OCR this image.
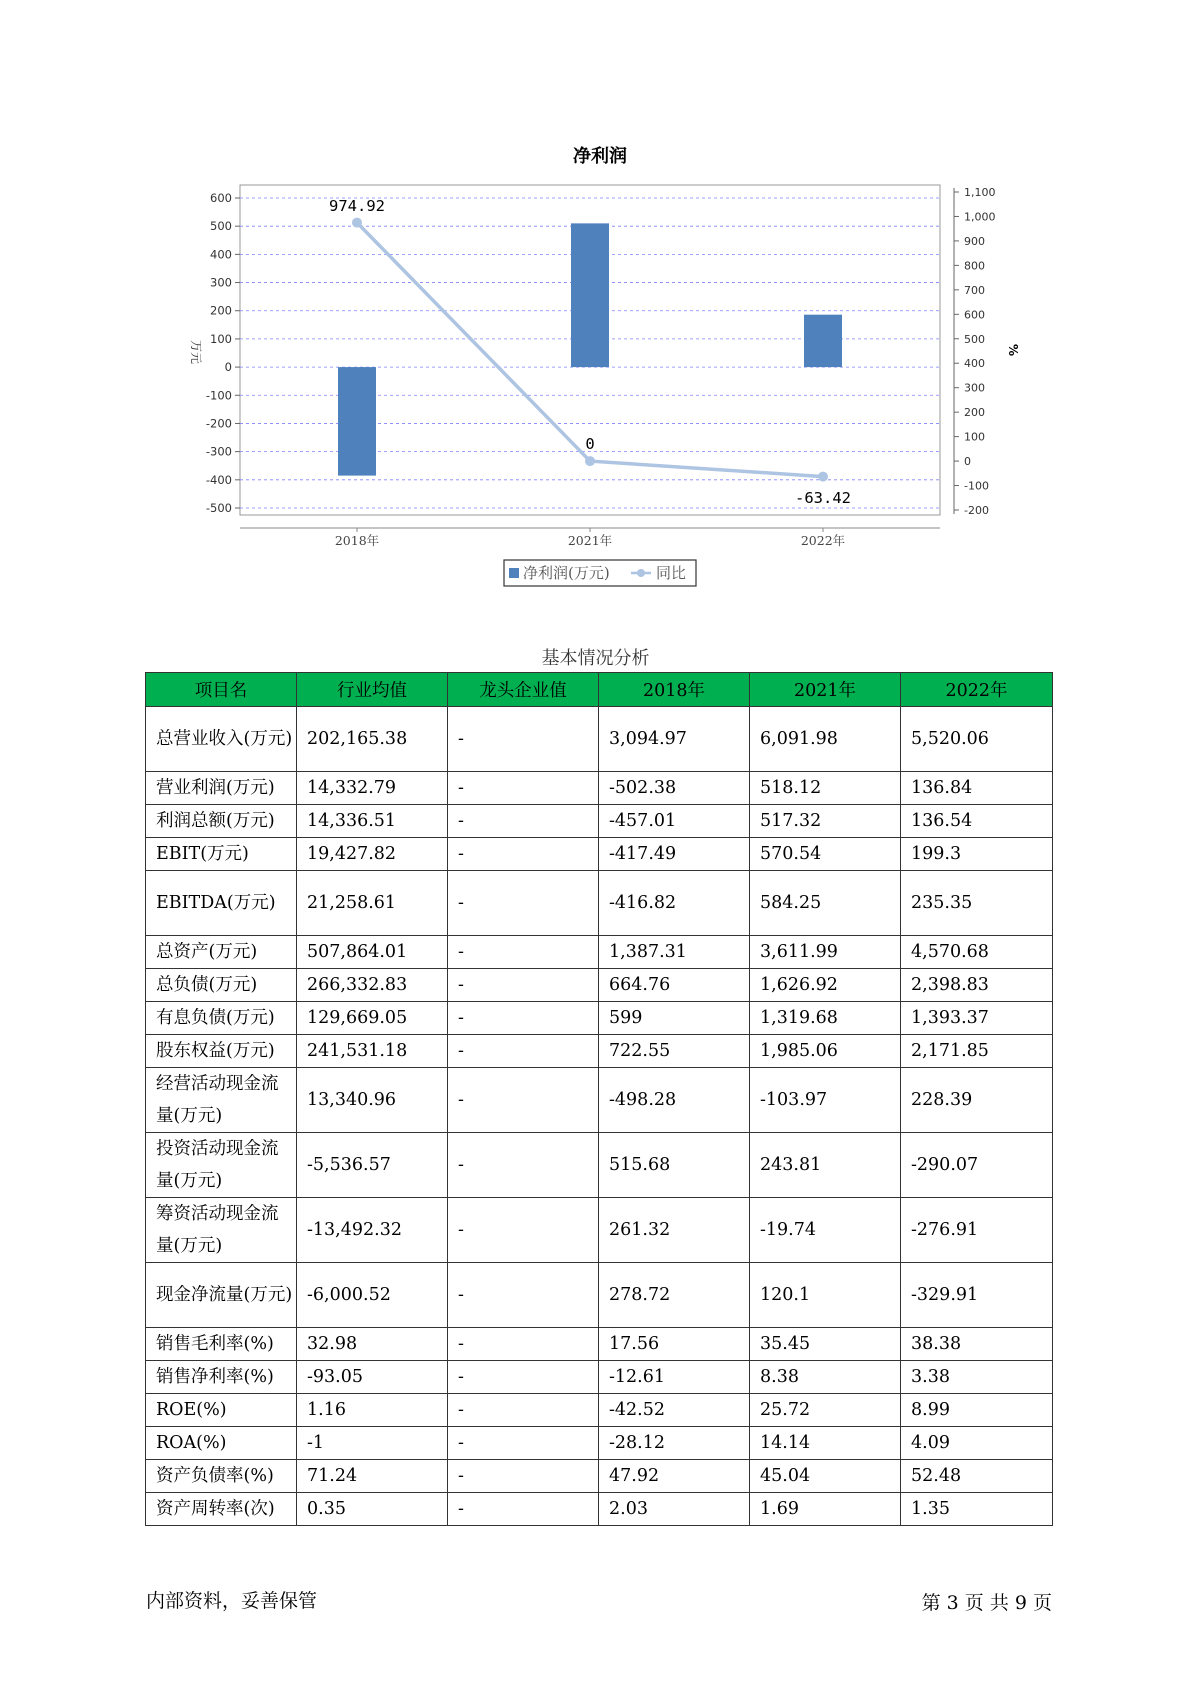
净利润
600
500
400
300
200
100
0
-100
-200
-300
-400
-500
1,100
1,000
900
800
700
600
500
400
300
200
100
0
-100
-200
万元	%
2018年	2021年	2022年
974.92
0
-63.42
净利润(万元)	同比
基本情况分析
项目名	行业均值	龙头企业值	2018年	2021年	2022年
总营业收入(万元)	202,165.38	-	3,094.97	6,091.98	5,520.06
营业利润(万元)	14,332.79	-	-502.38	518.12	136.84
利润总额(万元)	14,336.51	-	-457.01	517.32	136.54
EBIT(万元)	19,427.82	-	-417.49	570.54	199.3
EBITDA(万元)	21,258.61	-	-416.82	584.25	235.35
总资产(万元)	507,864.01	-	1,387.31	3,611.99	4,570.68
总负债(万元)	266,332.83	-	664.76	1,626.92	2,398.83
有息负债(万元)	129,669.05	-	599	1,319.68	1,393.37
股东权益(万元)	241,531.18	-	722.55	1,985.06	2,171.85
经营活动现金流量(万元)	13,340.96	-	-498.28	-103.97	228.39
投资活动现金流量(万元)	-5,536.57	-	515.68	243.81	-290.07
筹资活动现金流量(万元)	-13,492.32	-	261.32	-19.74	-276.91
现金净流量(万元)	-6,000.52	-	278.72	120.1	-329.91
销售毛利率(%)	32.98	-	17.56	35.45	38.38
销售净利率(%)	-93.05	-	-12.61	8.38	3.38
ROE(%)	1.16	-	-42.52	25.72	8.99
ROA(%)	-1	-	-28.12	14.14	4.09
资产负债率(%)	71.24	-	47.92	45.04	52.48
资产周转率(次)	0.35	-	2.03	1.69	1.35
内部资料，妥善保管	第 3 页 共 9 页
